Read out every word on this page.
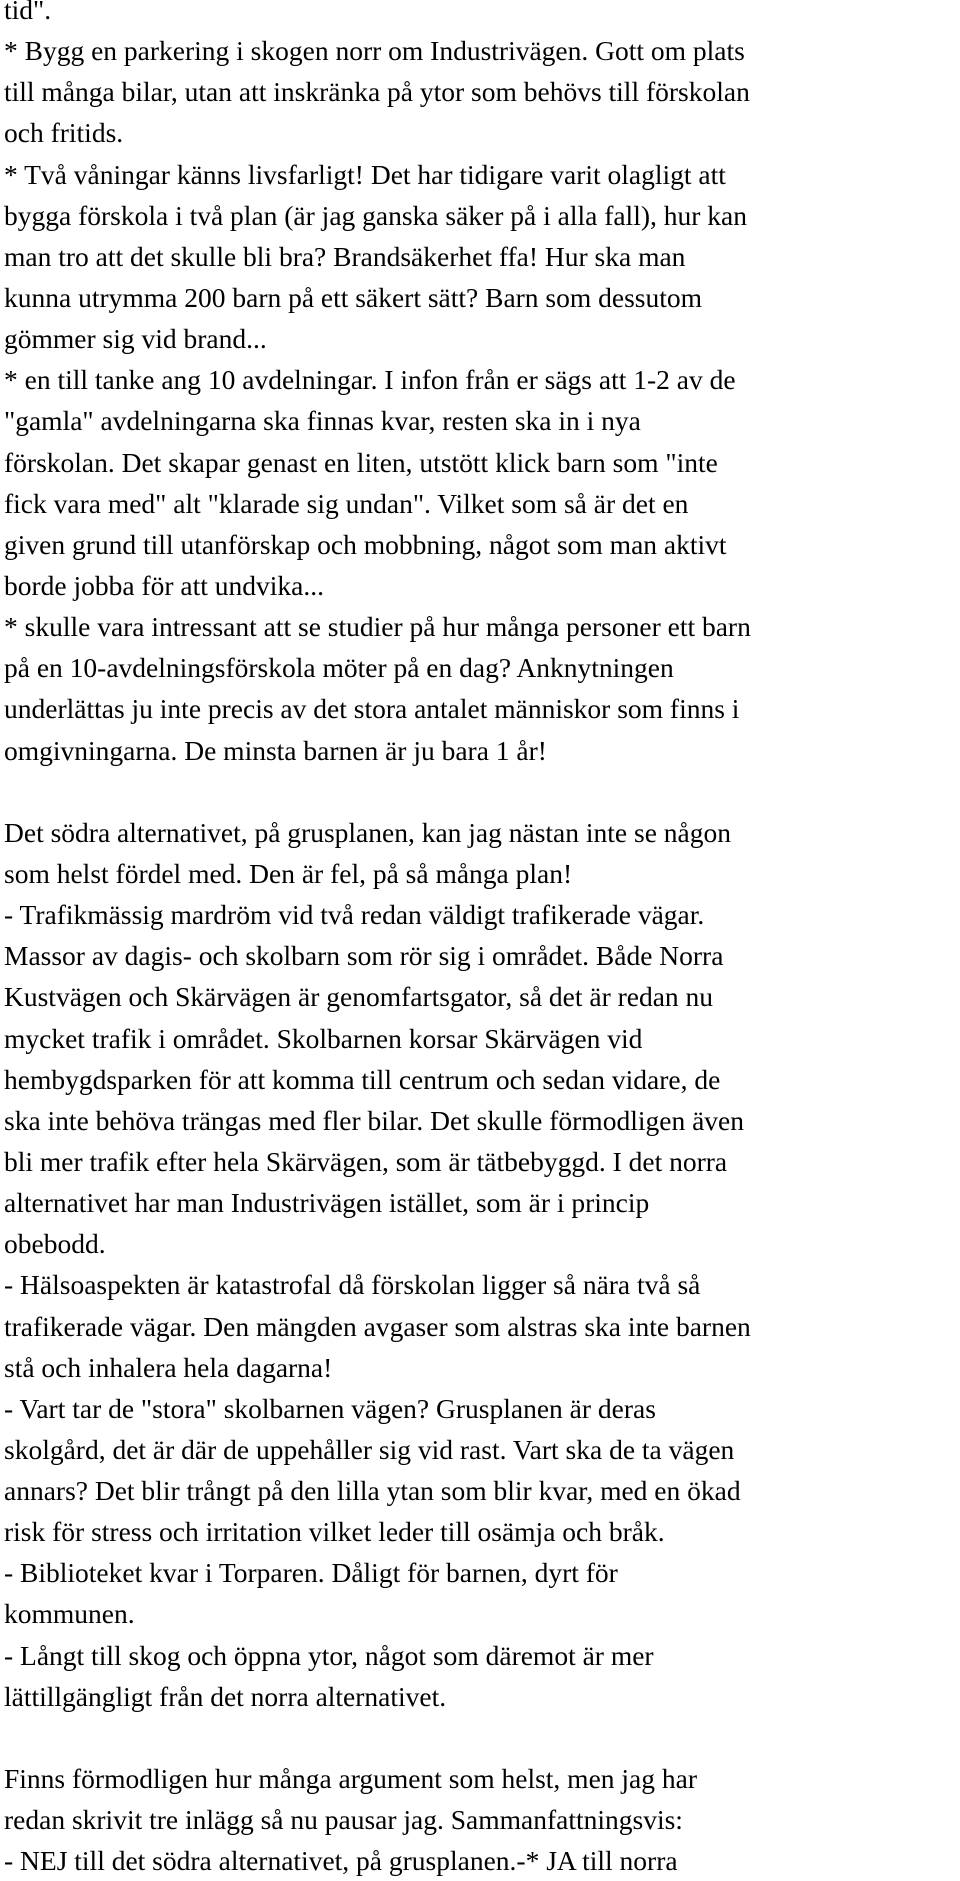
tid".
* Bygg en parkering i skogen norr om Industrivägen. Gott om plats
till många bilar, utan att inskränka på ytor som behövs till förskolan
och fritids.
* Två våningar känns livsfarligt! Det har tidigare varit olagligt att
bygga förskola i två plan (är jag ganska säker på i alla fall), hur kan
man tro att det skulle bli bra? Brandsäkerhet ffa! Hur ska man
kunna utrymma 200 barn på ett säkert sätt? Barn som dessutom
gömmer sig vid brand...
* en till tanke ang 10 avdelningar. I infon från er sägs att 1-2 av de
"gamla" avdelningarna ska finnas kvar, resten ska in i nya
förskolan. Det skapar genast en liten, utstött klick barn som "inte
fick vara med" alt "klarade sig undan". Vilket som så är det en
given grund till utanförskap och mobbning, något som man aktivt
borde jobba för att undvika...
* skulle vara intressant att se studier på hur många personer ett barn
på en 10-avdelningsförskola möter på en dag? Anknytningen
underlättas ju inte precis av det stora antalet människor som finns i
omgivningarna. De minsta barnen är ju bara 1 år!
Det södra alternativet, på grusplanen, kan jag nästan inte se någon
som helst fördel med. Den är fel, på så många plan!
- Trafikmässig mardröm vid två redan väldigt trafikerade vägar.
Massor av dagis- och skolbarn som rör sig i området. Både Norra
Kustvägen och Skärvägen är genomfartsgator, så det är redan nu
mycket trafik i området. Skolbarnen korsar Skärvägen vid
hembygdsparken för att komma till centrum och sedan vidare, de
ska inte behöva trängas med fler bilar. Det skulle förmodligen även
bli mer trafik efter hela Skärvägen, som är tätbebyggd. I det norra
alternativet har man Industrivägen istället, som är i princip
obebodd.
- Hälsoaspekten är katastrofal då förskolan ligger så nära två så
trafikerade vägar. Den mängden avgaser som alstras ska inte barnen
stå och inhalera hela dagarna!
- Vart tar de "stora" skolbarnen vägen? Grusplanen är deras
skolgård, det är där de uppehåller sig vid rast. Vart ska de ta vägen
annars? Det blir trångt på den lilla ytan som blir kvar, med en ökad
risk för stress och irritation vilket leder till osämja och bråk.
- Biblioteket kvar i Torparen. Dåligt för barnen, dyrt för
kommunen.
- Långt till skog och öppna ytor, något som däremot är mer
lättillgängligt från det norra alternativet.
Finns förmodligen hur många argument som helst, men jag har
redan skrivit tre inlägg så nu pausar jag. Sammanfattningsvis:
- NEJ till det södra alternativet, på grusplanen.-* JA till norra
